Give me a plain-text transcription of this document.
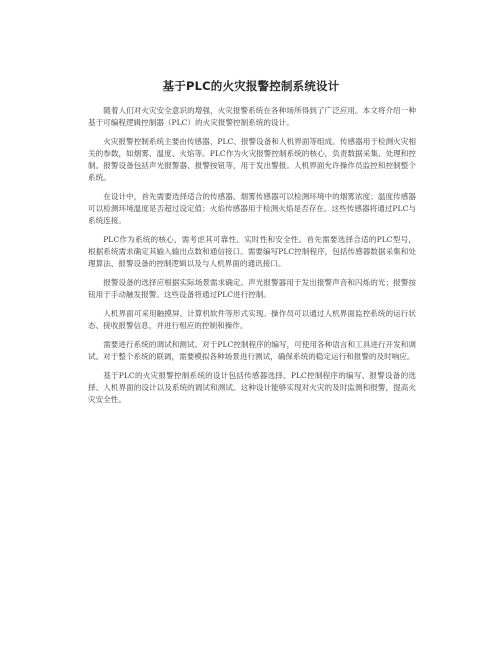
基于PLC的火灾报警控制系统设计

随着人们对火灾安全意识的增强，火灾报警系统在各种场所得到了广泛应用。本文将介绍一种基于可编程逻辑控制器（PLC）的火灾报警控制系统的设计。

火灾报警控制系统主要由传感器、PLC、报警设备和人机界面等组成。传感器用于检测火灾相关的参数，如烟雾、温度、火焰等。PLC作为火灾报警控制系统的核心，负责数据采集、处理和控制。报警设备包括声光报警器、报警按钮等，用于发出警报。人机界面允许操作员监控和控制整个系统。

在设计中，首先需要选择适合的传感器。烟雾传感器可以检测环境中的烟雾浓度；温度传感器可以检测环境温度是否超过设定值；火焰传感器用于检测火焰是否存在。这些传感器将通过PLC与系统连接。

PLC作为系统的核心，需考虑其可靠性、实时性和安全性。首先需要选择合适的PLC型号，根据系统需求确定其输入输出点数和通信接口。需要编写PLC控制程序，包括传感器数据采集和处理算法、报警设备的控制逻辑以及与人机界面的通讯接口。

报警设备的选择应根据实际场景需求确定。声光报警器用于发出报警声音和闪烁的光；报警按钮用于手动触发报警。这些设备将通过PLC进行控制。

人机界面可采用触摸屏、计算机软件等形式实现。操作员可以通过人机界面监控系统的运行状态、接收报警信息，并进行相应的控制和操作。

需要进行系统的调试和测试。对于PLC控制程序的编写，可使用各种语言和工具进行开发和调试。对于整个系统的联调，需要模拟各种场景进行测试，确保系统的稳定运行和报警的及时响应。

基于PLC的火灾报警控制系统的设计包括传感器选择、PLC控制程序的编写、报警设备的选择、人机界面的设计以及系统的调试和测试。这种设计能够实现对火灾的及时监测和报警，提高火灾安全性。
